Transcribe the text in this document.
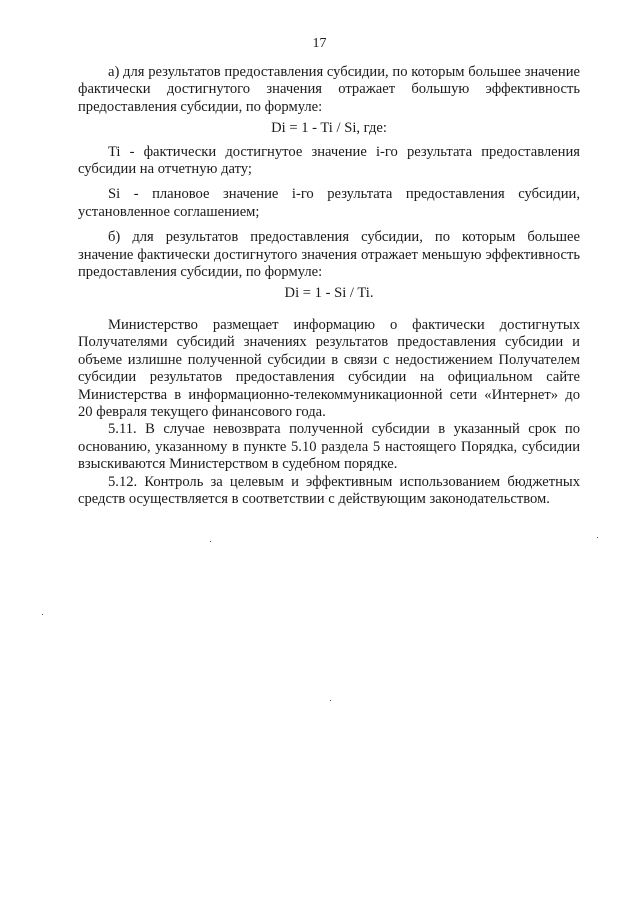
17

а) для результатов предоставления субсидии, по которым большее значение фактически достигнутого значения отражает большую эффективность предоставления субсидии, по формуле:

Di = 1 - Ti / Si, где:

Ti - фактически достигнутое значение i-го результата предоставления субсидии на отчетную дату;

Si - плановое значение i-го результата предоставления субсидии, установленное соглашением;

б) для результатов предоставления субсидии, по которым большее значение фактически достигнутого значения отражает меньшую эффективность предоставления субсидии, по формуле:

Di = 1 - Si / Ti.

Министерство размещает информацию о фактически достигнутых Получателями субсидий значениях результатов предоставления субсидии и объеме излишне полученной субсидии в связи с недостижением Получателем субсидии результатов предоставления субсидии на официальном сайте Министерства в информационно-телекоммуникационной сети «Интернет» до 20 февраля текущего финансового года.

5.11. В случае невозврата полученной субсидии в указанный срок по основанию, указанному в пункте 5.10 раздела 5 настоящего Порядка, субсидии взыскиваются Министерством в судебном порядке.

5.12. Контроль за целевым и эффективным использованием бюджетных средств осуществляется в соответствии с действующим законодательством.
